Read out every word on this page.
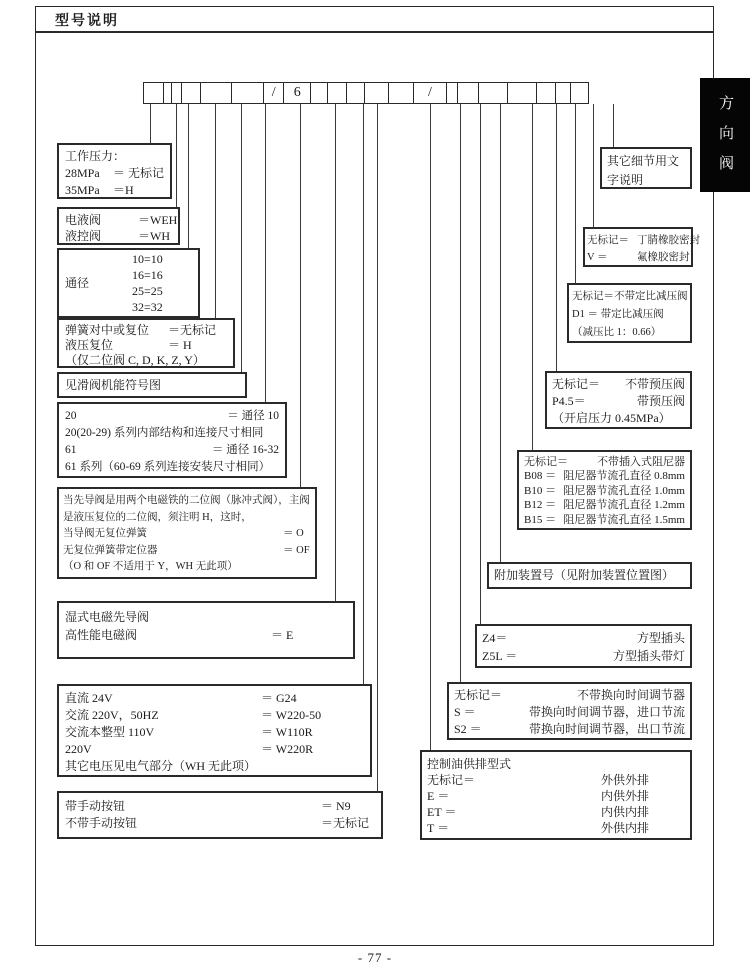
型号说明
方向阀
/	6	/
工作压力：
28MPa	＝ 无标记
35MPa	＝H
电液阀	＝WEH
液控阀	＝WH
通径
10=10
16=16
25=25
32=32
弹簧对中或复位	＝无标记
液压复位	＝ H
（仅二位阀 C, D, K, Z, Y）
见滑阀机能符号图
20	＝ 通径 10
20(20-29) 系列内部结构和连接尺寸相同
61	＝ 通径 16-32
61 系列（60-69 系列连接安装尺寸相同）
当先导阀是用两个电磁铁的二位阀（脉冲式阀），主阀
是液压复位的二位阀，须注明 H，这时，
当导阀无复位弹簧	＝ O
无复位弹簧带定位器	＝ OF
（O 和 OF 不适用于 Y，WH 无此项）
湿式电磁先导阀
高性能电磁阀	＝ E
直流 24V	＝ G24
交流 220V，50HZ	＝ W220-50
交流本整型 110V	＝ W110R
220V	＝ W220R
其它电压见电气部分（WH 无此项）
带手动按钮	＝ N9
不带手动按钮	＝无标记
其它细节用文字说明
无标记＝ 丁腈橡胶密封
V ＝	氟橡胶密封
无标记＝不带定比减压阀
D1 ＝ 带定比减压阀
（减压比 1：0.66）
无标记＝ 不带预压阀
P4.5＝	带预压阀
（开启压力 0.45MPa）
无标记＝	不带插入式阻尼器
B08 ＝ 阻尼器节流孔直径 0.8mm
B10 ＝ 阻尼器节流孔直径 1.0mm
B12 ＝ 阻尼器节流孔直径 1.2mm
B15 ＝ 阻尼器节流孔直径 1.5mm
附加装置号（见附加装置位置图）
Z4＝	方型插头
Z5L ＝	方型插头带灯
无标记＝	不带换向时间调节器
S ＝	带换向时间调节器，进口节流
S2 ＝	带换向时间调节器，出口节流
控制油供排型式
无标记＝	外供外排
E ＝	内供外排
ET ＝	内供内排
T ＝	外供内排
- 77 -
